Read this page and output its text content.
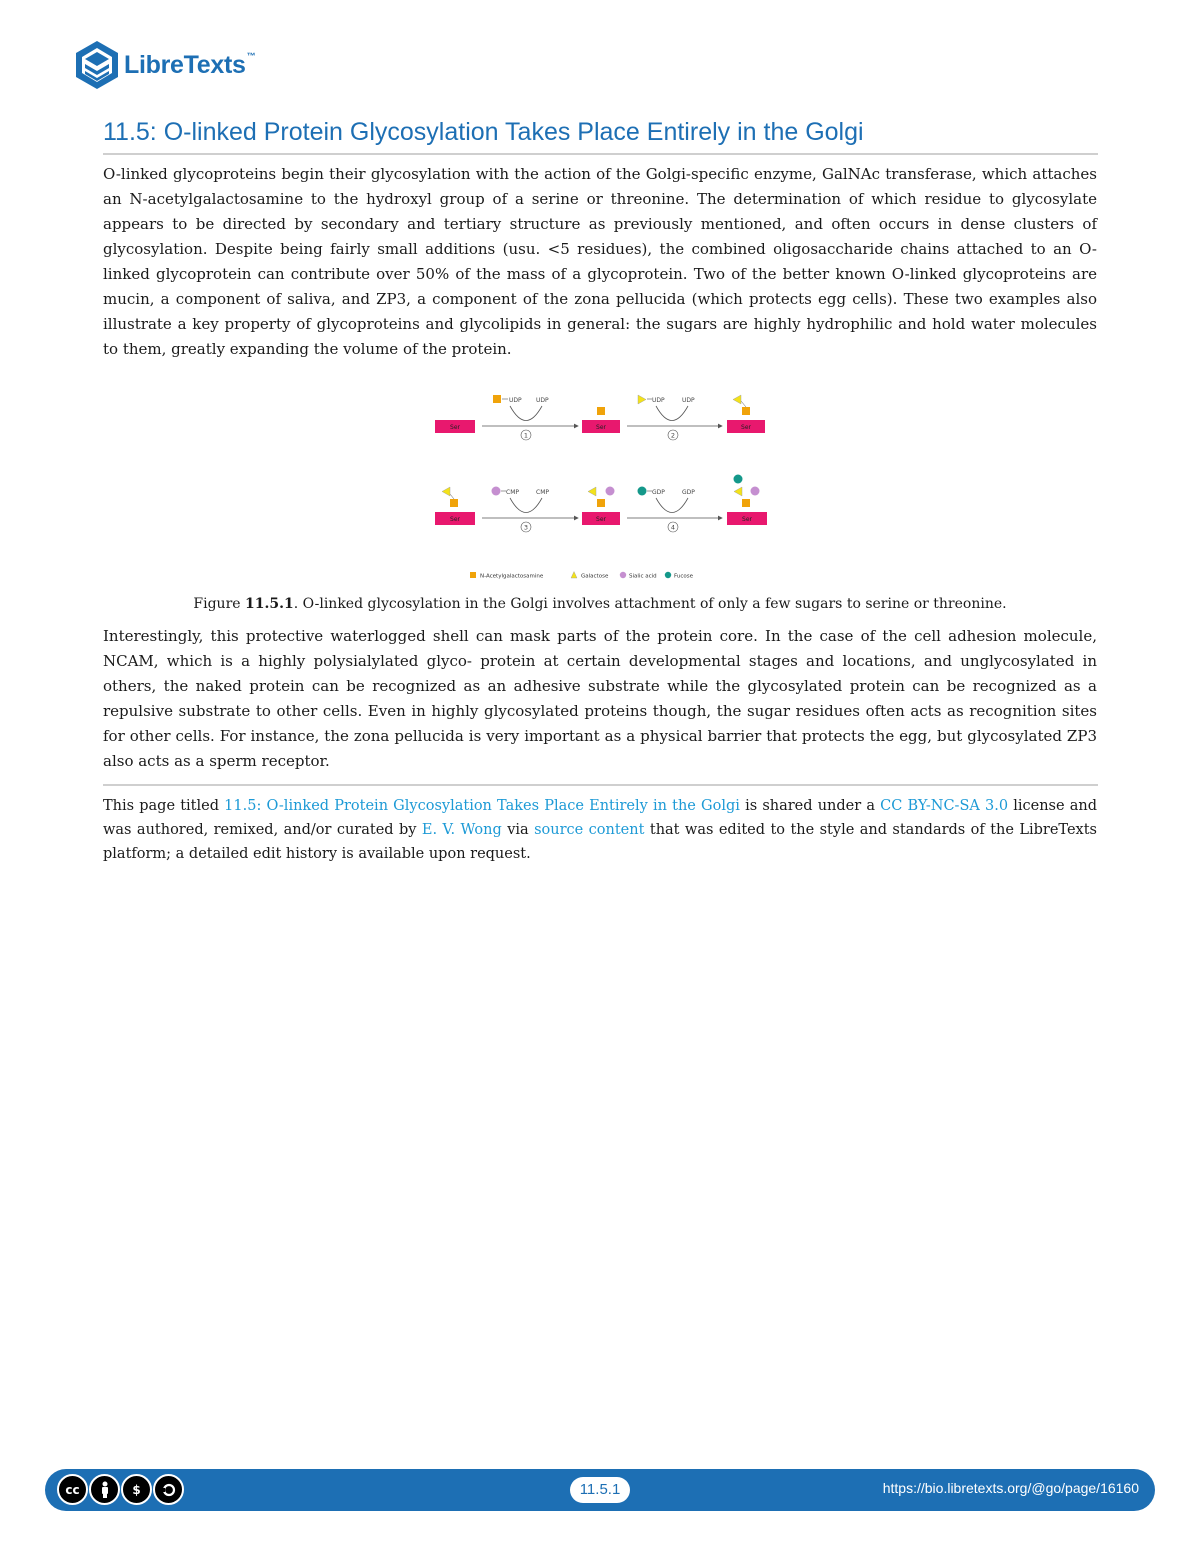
LibreTexts™
11.5: O-linked Protein Glycosylation Takes Place Entirely in the Golgi

O-linked glycoproteins begin their glycosylation with the action of the Golgi-specific enzyme, GalNAc transferase, which attaches an N-acetylgalactosamine to the hydroxyl group of a serine or threonine. The determination of which residue to glycosylate appears to be directed by secondary and tertiary structure as previously mentioned, and often occurs in dense clusters of glycosylation. Despite being fairly small additions (usu. <5 residues), the combined oligosaccharide chains attached to an O-linked glycoprotein can contribute over 50% of the mass of a glycoprotein. Two of the better known O-linked glycoproteins are mucin, a component of saliva, and ZP3, a component of the zona pellucida (which protects egg cells). These two examples also illustrate a key property of glycoproteins and glycolipids in general: the sugars are highly hydrophilic and hold water molecules to them, greatly expanding the volume of the protein.

Ser
UDP UDP
1
Ser
UDP	UDP
2
Ser
Ser
CMP	CMP
3
Ser
GDP	GDP
4
Ser
N-Acetylgalactosamine	Galactose	Sialic acid	Fucose
Figure 11.5.1. O-linked glycosylation in the Golgi involves attachment of only a few sugars to serine or threonine.

Interestingly, this protective waterlogged shell can mask parts of the protein core. In the case of the cell adhesion molecule, NCAM, which is a highly polysialylated glyco- protein at certain developmental stages and locations, and unglycosylated in others, the naked protein can be recognized as an adhesive substrate while the glycosylated protein can be recognized as a repulsive substrate to other cells. Even in highly glycosylated proteins though, the sugar residues often acts as recognition sites for other cells. For instance, the zona pellucida is very important as a physical barrier that protects the egg, but glycosylated ZP3 also acts as a sperm receptor.

This page titled 11.5: O-linked Protein Glycosylation Takes Place Entirely in the Golgi is shared under a CC BY-NC-SA 3.0 license and was authored, remixed, and/or curated by E. V. Wong via source content that was edited to the style and standards of the LibreTexts platform; a detailed edit history is available upon request.

cc	$	11.5.1	https://bio.libretexts.org/@go/page/16160
